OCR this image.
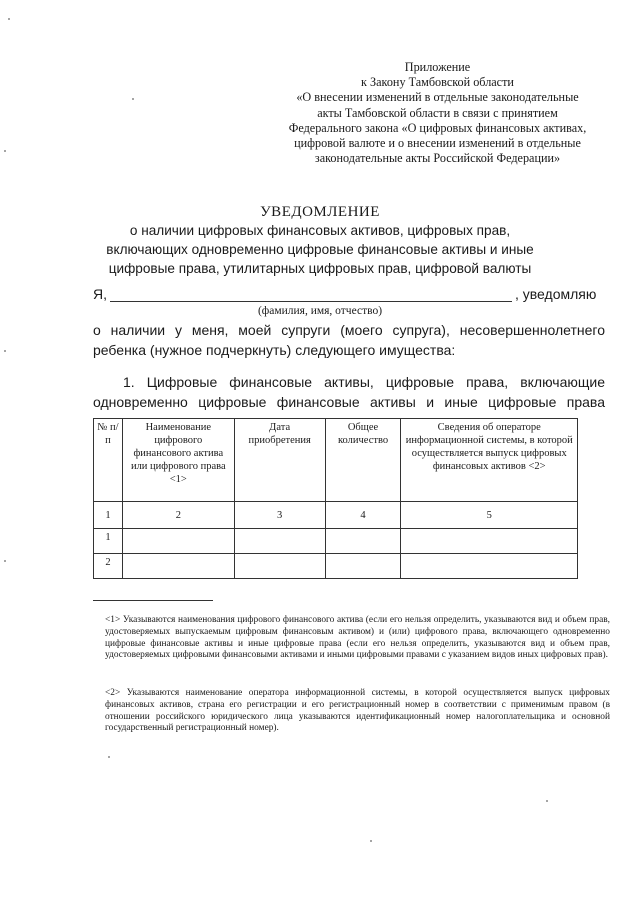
Приложение
к Закону Тамбовской области
«О внесении изменений в отдельные законодательные
акты Тамбовской области в связи с принятием
Федерального закона «О цифровых финансовых активах,
цифровой валюте и о внесении изменений в отдельные
законодательные акты Российской Федерации»
УВЕДОМЛЕНИЕ
о наличии цифровых финансовых активов, цифровых прав,
включающих одновременно цифровые финансовые активы и иные
цифровые права, утилитарных цифровых прав, цифровой валюты
Я,	, уведомляю
(фамилия, имя, отчество)
о наличии у меня, моей супруги (моего супруга), несовершеннолетнего
ребенка (нужное подчеркнуть) следующего имущества:
1. Цифровые финансовые активы, цифровые права, включающие
одновременно цифровые финансовые активы и иные цифровые права
№ п/п	Наименование цифрового финансового актива или цифрового права <1>	Дата приобретения	Общее количество	Сведения об операторе информационной системы, в которой осуществляется выпуск цифровых финансовых активов <2>
1	2	3	4	5
1				
2				
<1> Указываются наименования цифрового финансового актива (если его нельзя определить, указываются вид и объем прав, удостоверяемых выпускаемым цифровым финансовым активом) и (или) цифрового права, включающего одновременно цифровые финансовые активы и иные цифровые права (если его нельзя определить, указываются вид и объем прав, удостоверяемых цифровыми финансовыми активами и иными цифровыми правами с указанием видов иных цифровых прав).
<2> Указываются наименование оператора информационной системы, в которой осуществляется выпуск цифровых финансовых активов, страна его регистрации и его регистрационный номер в соответствии с применимым правом (в отношении российского юридического лица указываются идентификационный номер налогоплательщика и основной государственный регистрационный номер).
